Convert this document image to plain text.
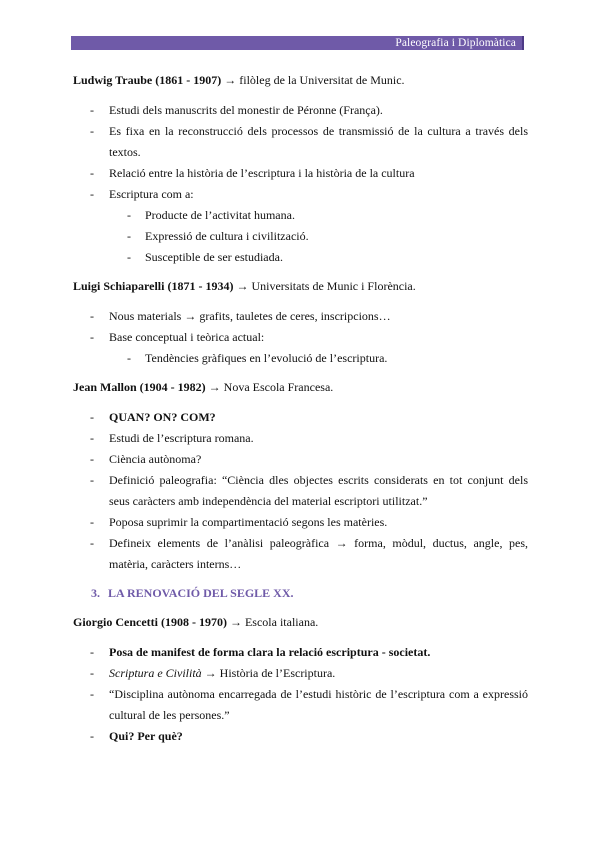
Paleografia i Diplomàtica

Ludwig Traube (1861 - 1907) → filòleg de la Universitat de Munic.

- Estudi dels manuscrits del monestir de Péronne (França).
- Es fixa en la reconstrucció dels processos de transmissió de la cultura a través dels textos.
- Relació entre la història de l’escriptura i la història de la cultura
- Escriptura com a:
- Producte de l’activitat humana.
- Expressió de cultura i civilització.
- Susceptible de ser estudiada.

Luigi Schiaparelli (1871 - 1934) → Universitats de Munic i Florència.

- Nous materials → grafits, tauletes de ceres, inscripcions…
- Base conceptual i teòrica actual:
- Tendències gràfiques en l’evolució de l’escriptura.

Jean Mallon (1904 - 1982) → Nova Escola Francesa.

- QUAN? ON? COM?
- Estudi de l’escriptura romana.
- Ciència autònoma?
- Definició paleografia: “Ciència dles objectes escrits considerats en tot conjunt dels seus caràcters amb independència del material escriptori utilitzat.”
- Poposa suprimir la compartimentació segons les matèries.
- Defineix elements de l’anàlisi paleogràfica → forma, mòdul, ductus, angle, pes, matèria, caràcters interns…

3. LA RENOVACIÓ DEL SEGLE XX.

Giorgio Cencetti (1908 - 1970) → Escola italiana.

- Posa de manifest de forma clara la relació escriptura - societat.
- Scriptura e Civilità → Història de l’Escriptura.
- “Disciplina autònoma encarregada de l’estudi històric de l’escriptura com a expressió cultural de les persones.”
- Qui? Per què?
